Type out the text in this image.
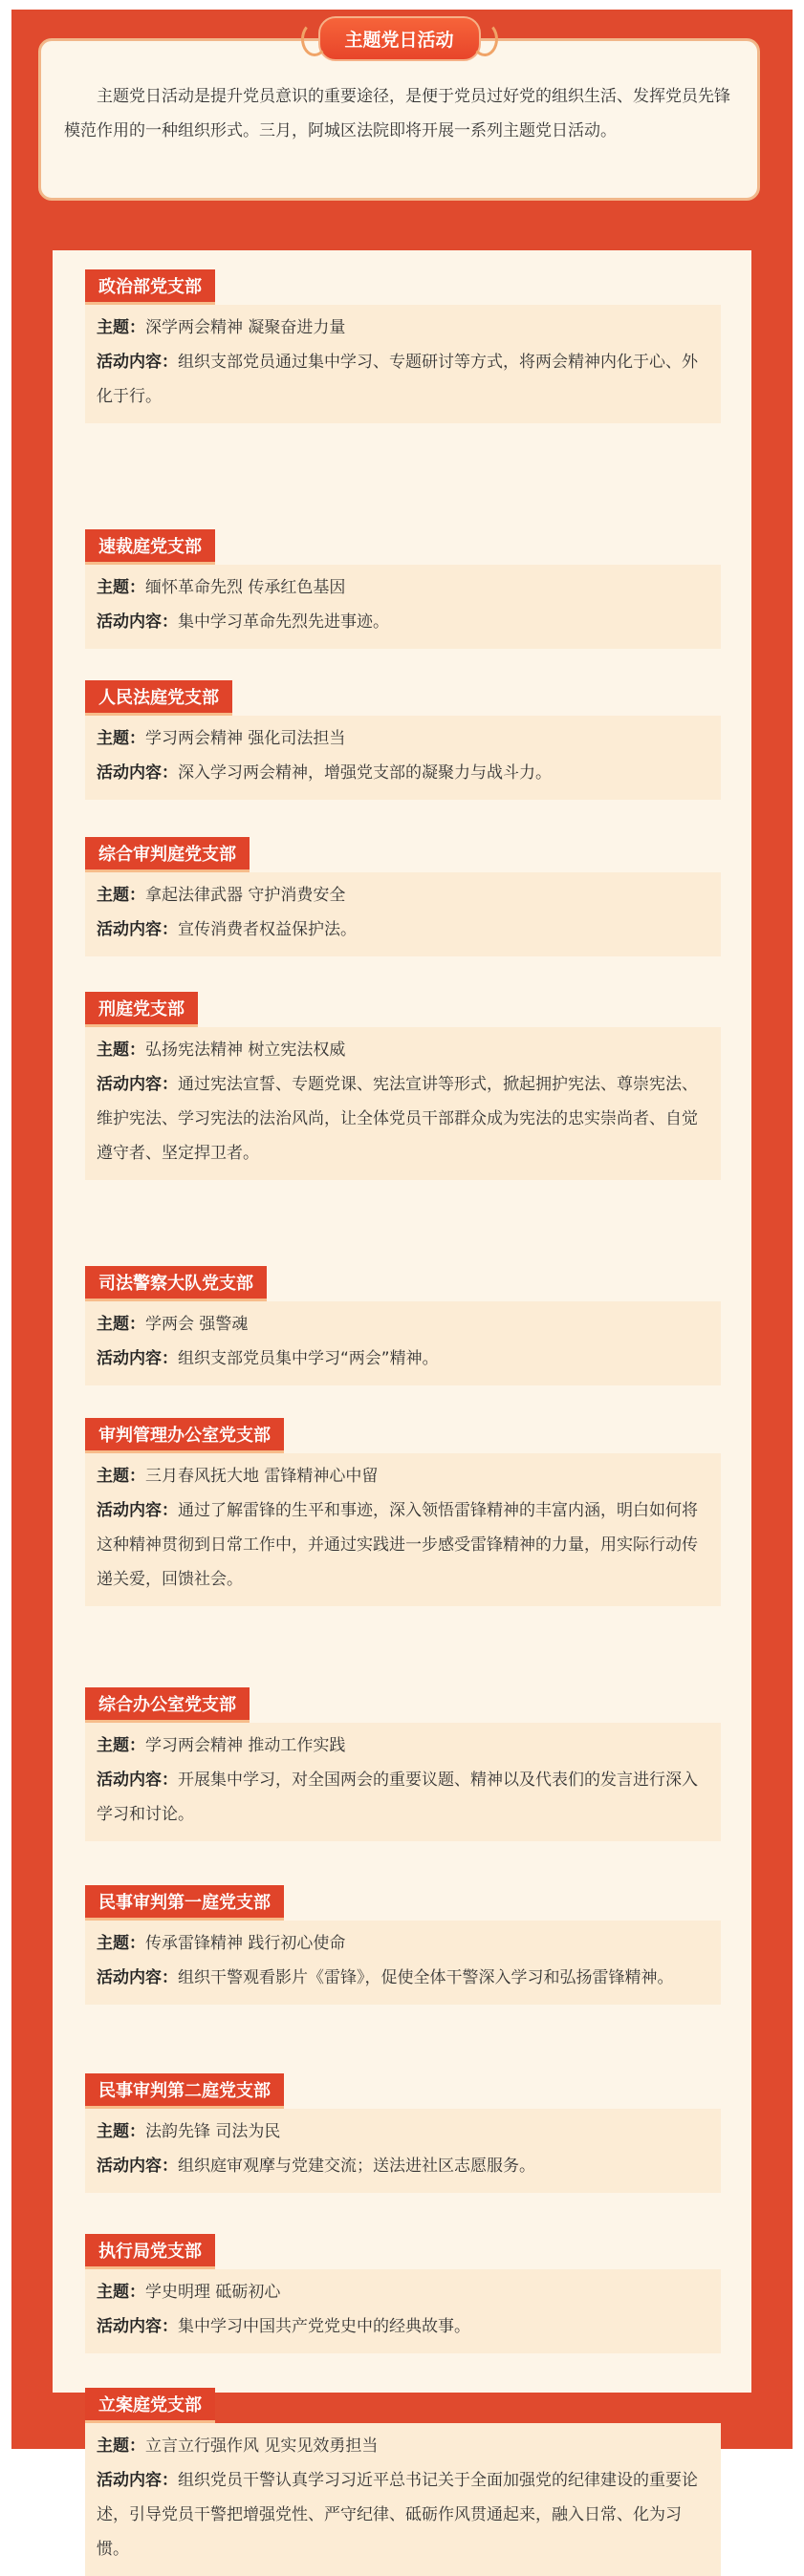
主题党日活动

主题党日活动是提升党员意识的重要途径，是便于党员过好党的组织生活、发挥党员先锋模范作用的一种组织形式。三月，阿城区法院即将开展一系列主题党日活动。

政治部党支部
主题：深学两会精神 凝聚奋进力量
活动内容：组织支部党员通过集中学习、专题研讨等方式，将两会精神内化于心、外化于行。
速裁庭党支部
主题：缅怀革命先烈 传承红色基因
活动内容：集中学习革命先烈先进事迹。
人民法庭党支部
主题：学习两会精神 强化司法担当
活动内容：深入学习两会精神，增强党支部的凝聚力与战斗力。
综合审判庭党支部
主题：拿起法律武器 守护消费安全
活动内容：宣传消费者权益保护法。
刑庭党支部
主题：弘扬宪法精神 树立宪法权威
活动内容：通过宪法宣誓、专题党课、宪法宣讲等形式，掀起拥护宪法、尊崇宪法、维护宪法、学习宪法的法治风尚，让全体党员干部群众成为宪法的忠实崇尚者、自觉遵守者、坚定捍卫者。
司法警察大队党支部
主题：学两会 强警魂
活动内容：组织支部党员集中学习“两会”精神。
审判管理办公室党支部
主题：三月春风抚大地 雷锋精神心中留
活动内容：通过了解雷锋的生平和事迹，深入领悟雷锋精神的丰富内涵，明白如何将这种精神贯彻到日常工作中，并通过实践进一步感受雷锋精神的力量，用实际行动传递关爱，回馈社会。
综合办公室党支部
主题：学习两会精神 推动工作实践
活动内容：开展集中学习，对全国两会的重要议题、精神以及代表们的发言进行深入学习和讨论。
民事审判第一庭党支部
主题：传承雷锋精神 践行初心使命
活动内容：组织干警观看影片《雷锋》，促使全体干警深入学习和弘扬雷锋精神。
民事审判第二庭党支部
主题：法韵先锋 司法为民
活动内容：组织庭审观摩与党建交流；送法进社区志愿服务。
执行局党支部
主题：学史明理 砥砺初心
活动内容：集中学习中国共产党党史中的经典故事。
立案庭党支部
主题：立言立行强作风 见实见效勇担当
活动内容：组织党员干警认真学习习近平总书记关于全面加强党的纪律建设的重要论述，引导党员干警把增强党性、严守纪律、砥砺作风贯通起来，融入日常、化为习惯。
